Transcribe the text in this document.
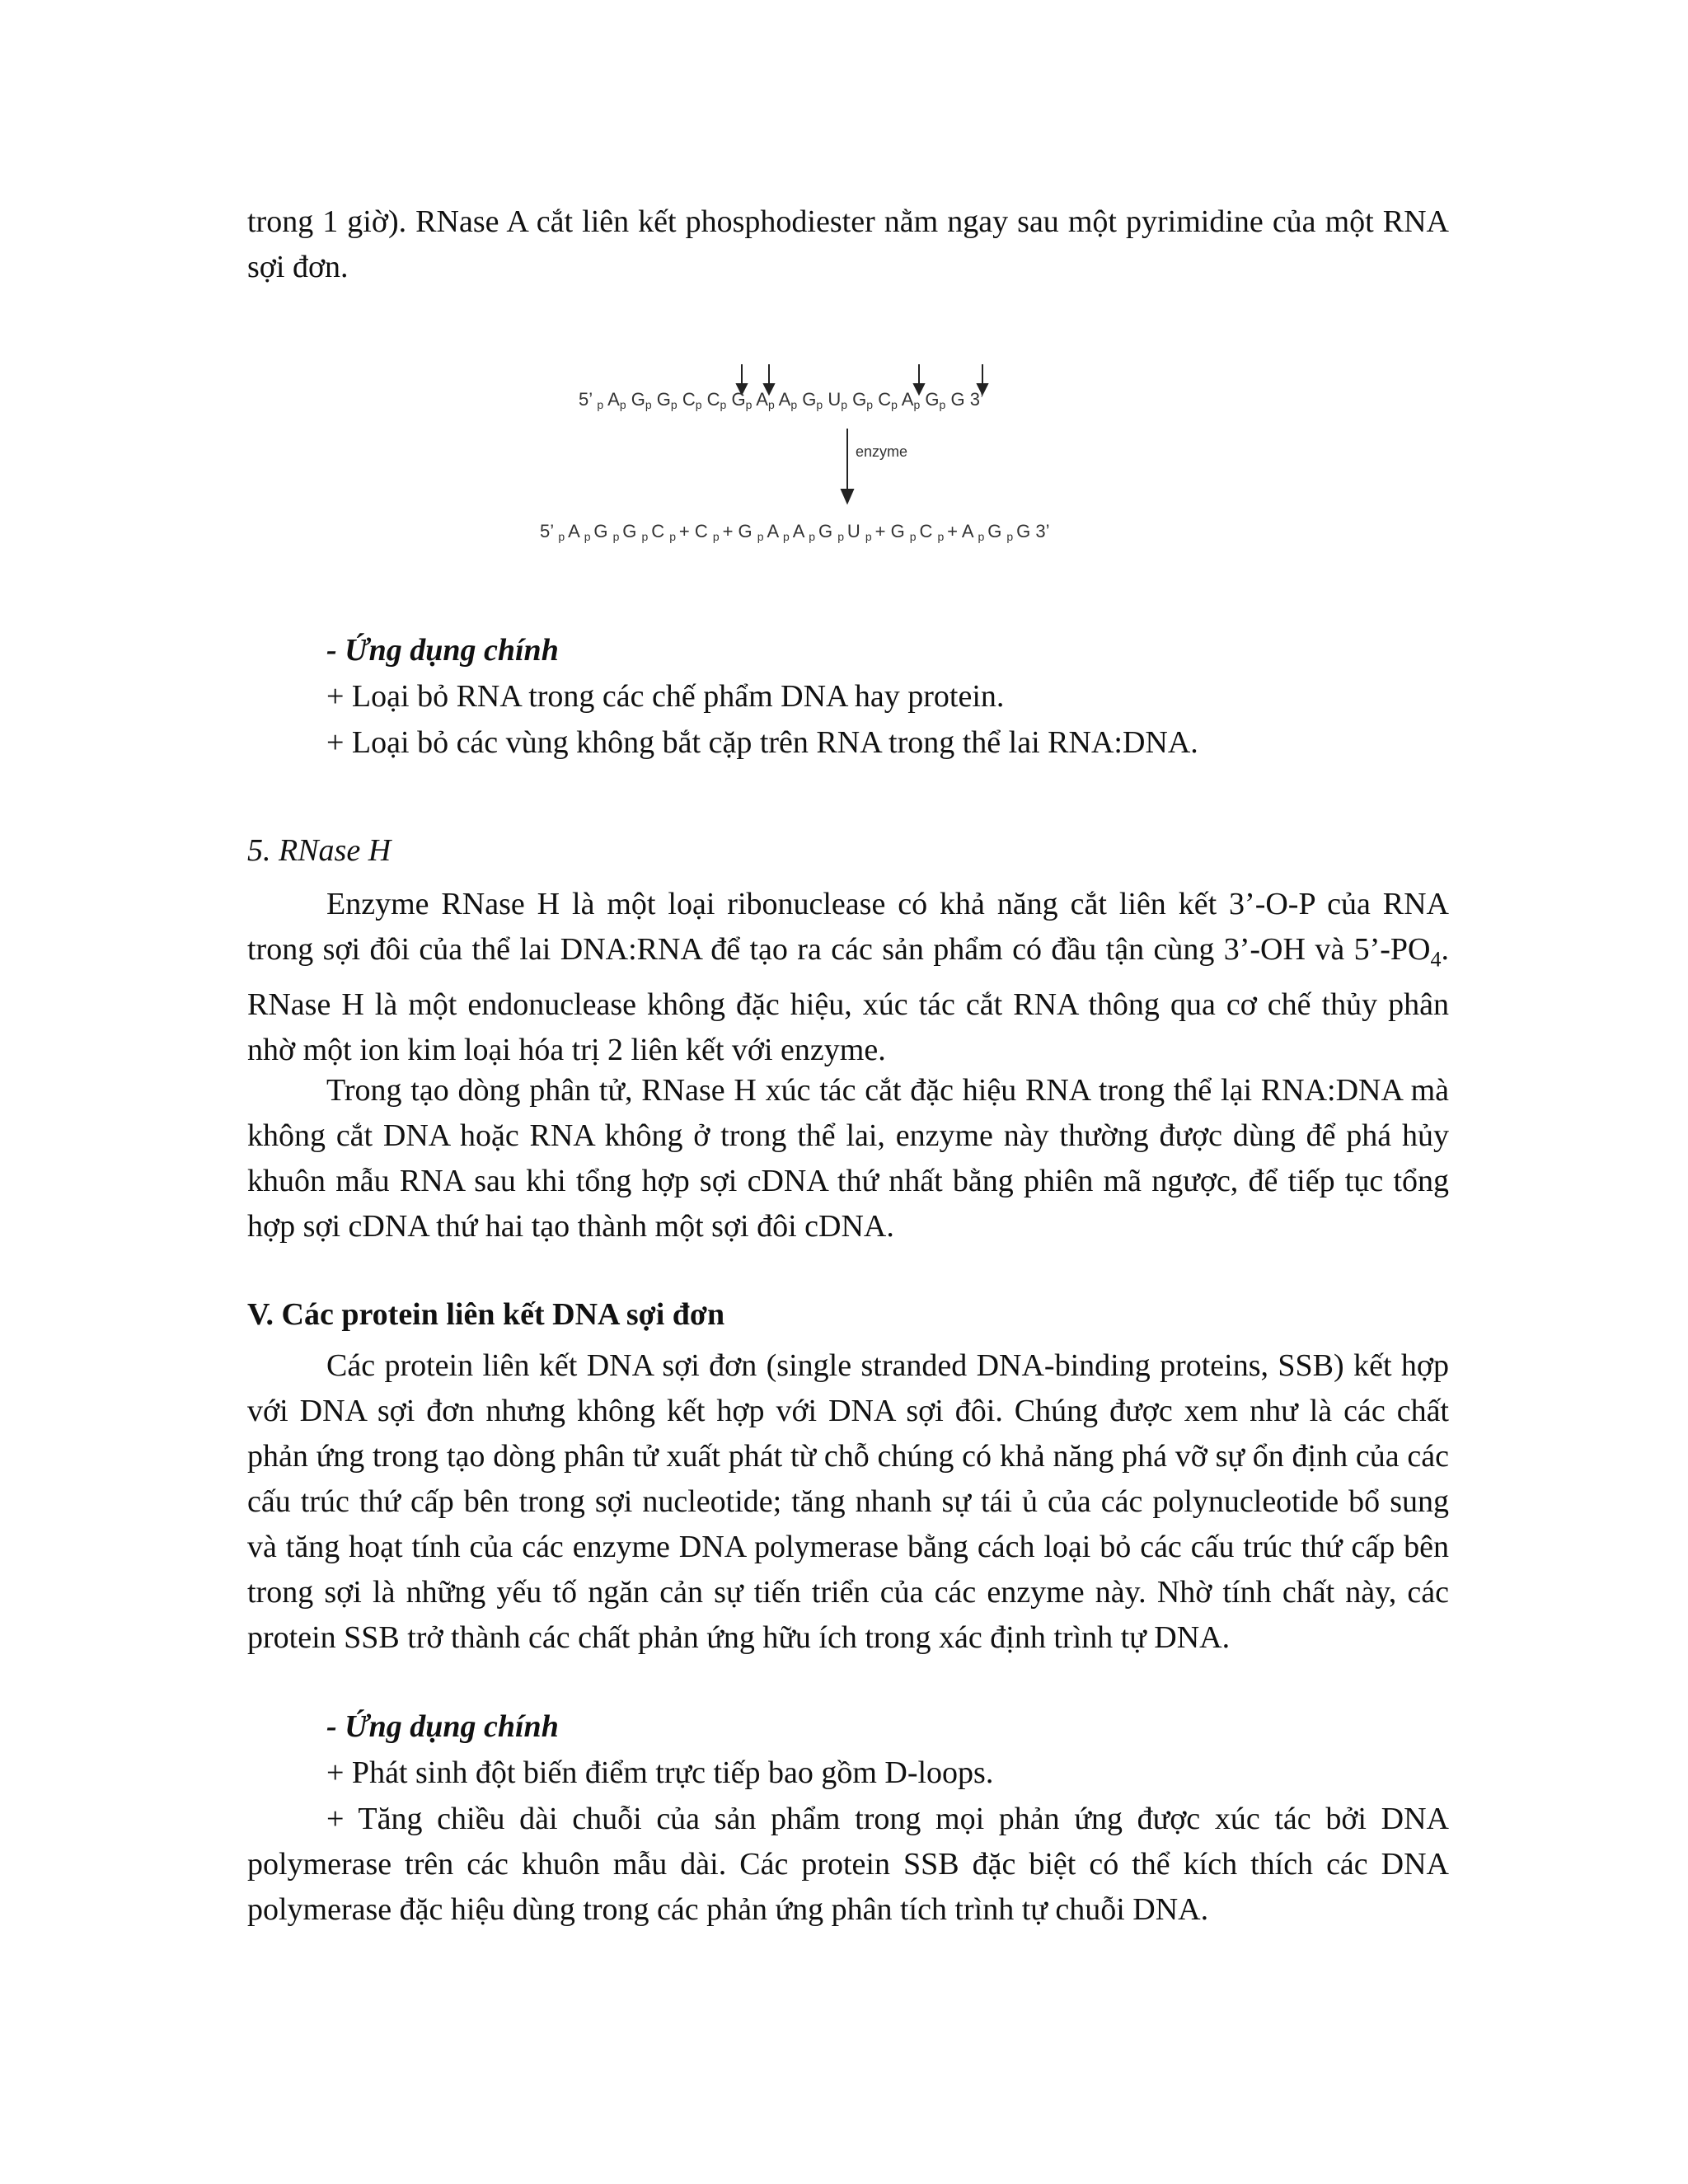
trong 1 giờ). RNase A cắt liên kết phosphodiester nằm ngay sau một pyrimidine của một RNA sợi đơn.
5’ p Ap Gp Gp Cp Cp Gp Ap Ap Gp Up Gp Cp Ap Gp G 3’
enzyme
5’ p A p G p G p C p + C p + G p A p A p G p U p + G p C p + A p G p G 3’
- Ứng dụng chính
+ Loại bỏ RNA trong các chế phẩm DNA hay protein.
+ Loại bỏ các vùng không bắt cặp trên RNA trong thể lai RNA:DNA.
5. RNase H
Enzyme RNase H là một loại ribonuclease có khả năng cắt liên kết 3’-O-P của RNA trong sợi đôi của thể lai DNA:RNA để tạo ra các sản phẩm có đầu tận cùng 3’-OH và $5’-PO_4$. RNase H là một endonuclease không đặc hiệu, xúc tác cắt RNA thông qua cơ chế thủy phân nhờ một ion kim loại hóa trị 2 liên kết với enzyme.
Trong tạo dòng phân tử, RNase H xúc tác cắt đặc hiệu RNA trong thể lại RNA:DNA mà không cắt DNA hoặc RNA không ở trong thể lai, enzyme này thường được dùng để phá hủy khuôn mẫu RNA sau khi tổng hợp sợi cDNA thứ nhất bằng phiên mã ngược, để tiếp tục tổng hợp sợi cDNA thứ hai tạo thành một sợi đôi cDNA.
V. Các protein liên kết DNA sợi đơn
Các protein liên kết DNA sợi đơn (single stranded DNA-binding proteins, SSB) kết hợp với DNA sợi đơn nhưng không kết hợp với DNA sợi đôi. Chúng được xem như là các chất phản ứng trong tạo dòng phân tử xuất phát từ chỗ chúng có khả năng phá vỡ sự ổn định của các cấu trúc thứ cấp bên trong sợi nucleotide; tăng nhanh sự tái ủ của các polynucleotide bổ sung và tăng hoạt tính của các enzyme DNA polymerase bằng cách loại bỏ các cấu trúc thứ cấp bên trong sợi là những yếu tố ngăn cản sự tiến triển của các enzyme này. Nhờ tính chất này, các protein SSB trở thành các chất phản ứng hữu ích trong xác định trình tự DNA.
- Ứng dụng chính
+ Phát sinh đột biến điểm trực tiếp bao gồm D-loops.
+ Tăng chiều dài chuỗi của sản phẩm trong mọi phản ứng được xúc tác bởi DNA polymerase trên các khuôn mẫu dài. Các protein SSB đặc biệt có thể kích thích các DNA polymerase đặc hiệu dùng trong các phản ứng phân tích trình tự chuỗi DNA.
